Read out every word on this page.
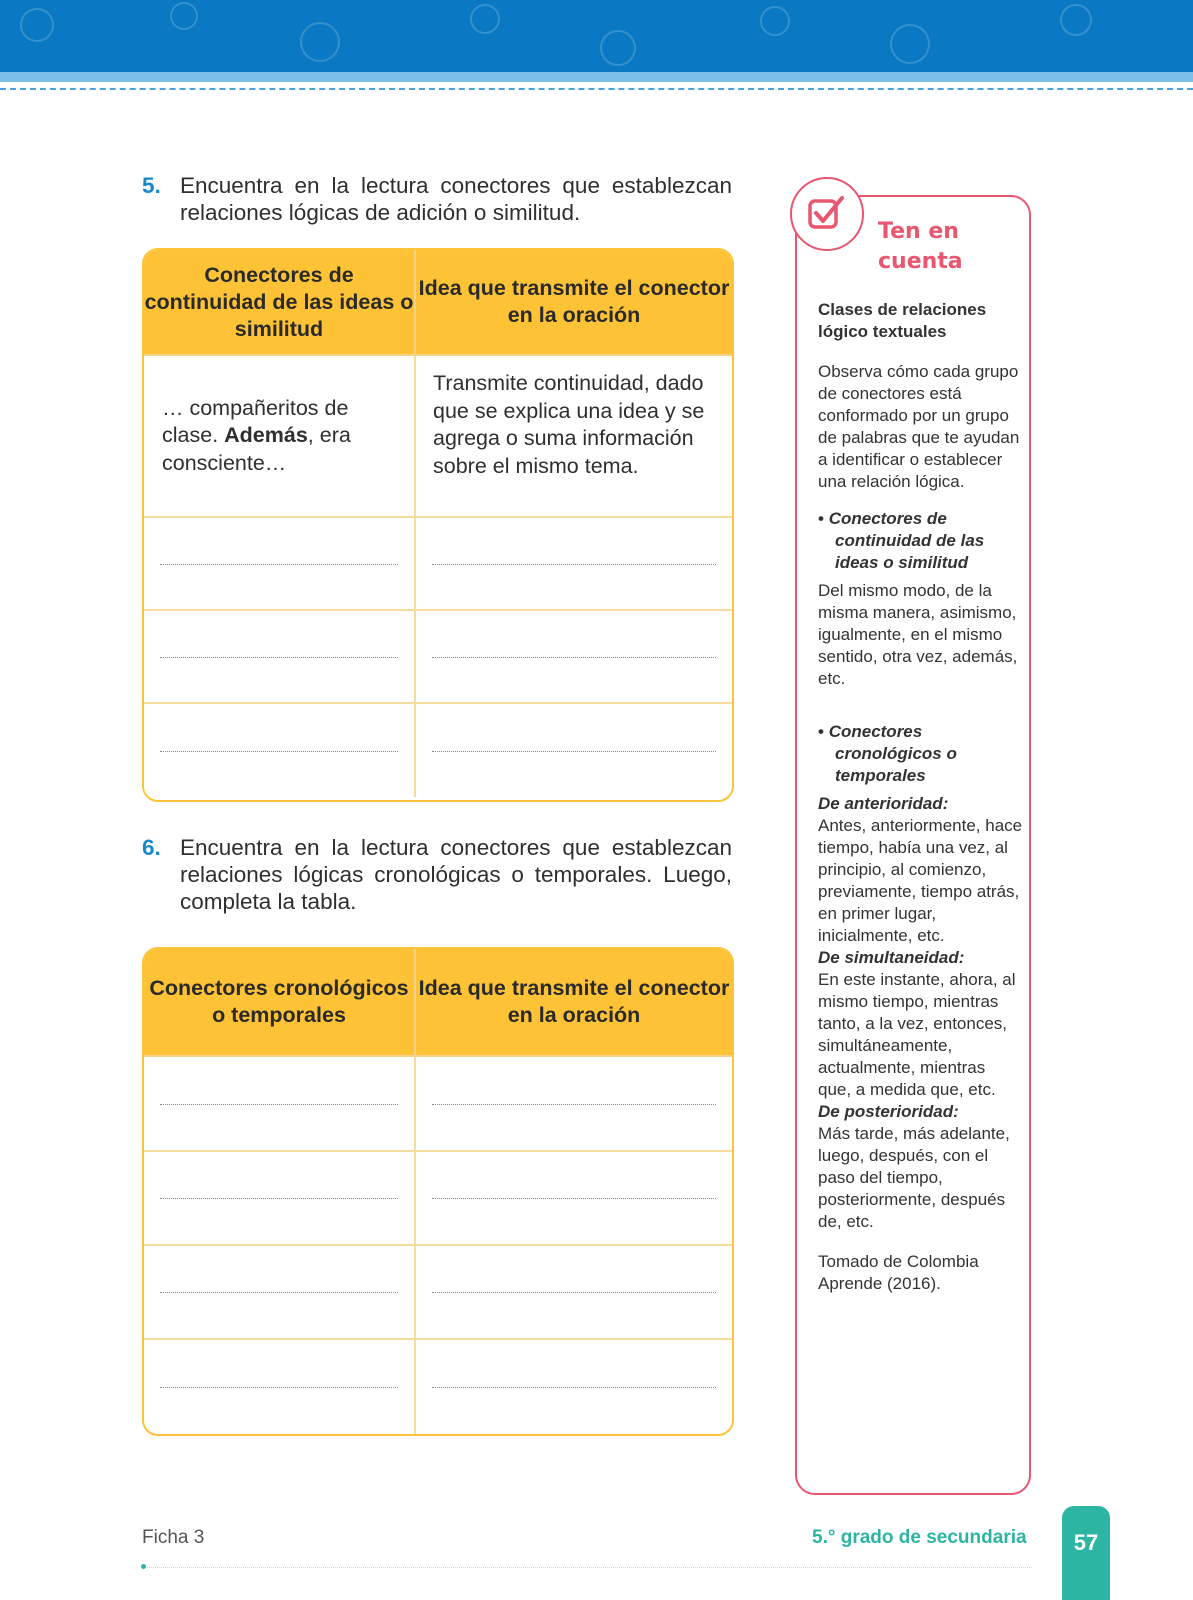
5. Encuentra en la lectura conectores que establezcan relaciones lógicas de adición o similitud.
Conectores de continuidad de las ideas o similitud
Idea que transmite el conector en la oración
… compañeritos de clase. Además, era consciente…
Transmite continuidad, dado que se explica una idea y se agrega o suma información sobre el mismo tema.
6. Encuentra en la lectura conectores que establezcan relaciones lógicas cronológicas o temporales. Luego, completa la tabla.
Conectores cronológicos o temporales
Idea que transmite el conector en la oración
Ten en cuenta
Clases de relaciones lógico textuales

Observa cómo cada grupo de conectores está conformado por un grupo de palabras que te ayudan a identificar o establecer una relación lógica.

• Conectores de continuidad de las ideas o similitud

Del mismo modo, de la misma manera, asimismo, igualmente, en el mismo sentido, otra vez, además, etc.

• Conectores cronológicos o temporales
De anterioridad:
Antes, anteriormente, hace tiempo, había una vez, al principio, al comienzo, previamente, tiempo atrás, en primer lugar, inicialmente, etc.
De simultaneidad:
En este instante, ahora, al mismo tiempo, mientras tanto, a la vez, entonces, simultáneamente, actualmente, mientras que, a medida que, etc.
De posterioridad:
Más tarde, más adelante, luego, después, con el paso del tiempo, posteriormente, después de, etc.
Tomado de Colombia Aprende (2016).
Ficha 3	5.° grado de secundaria	57
